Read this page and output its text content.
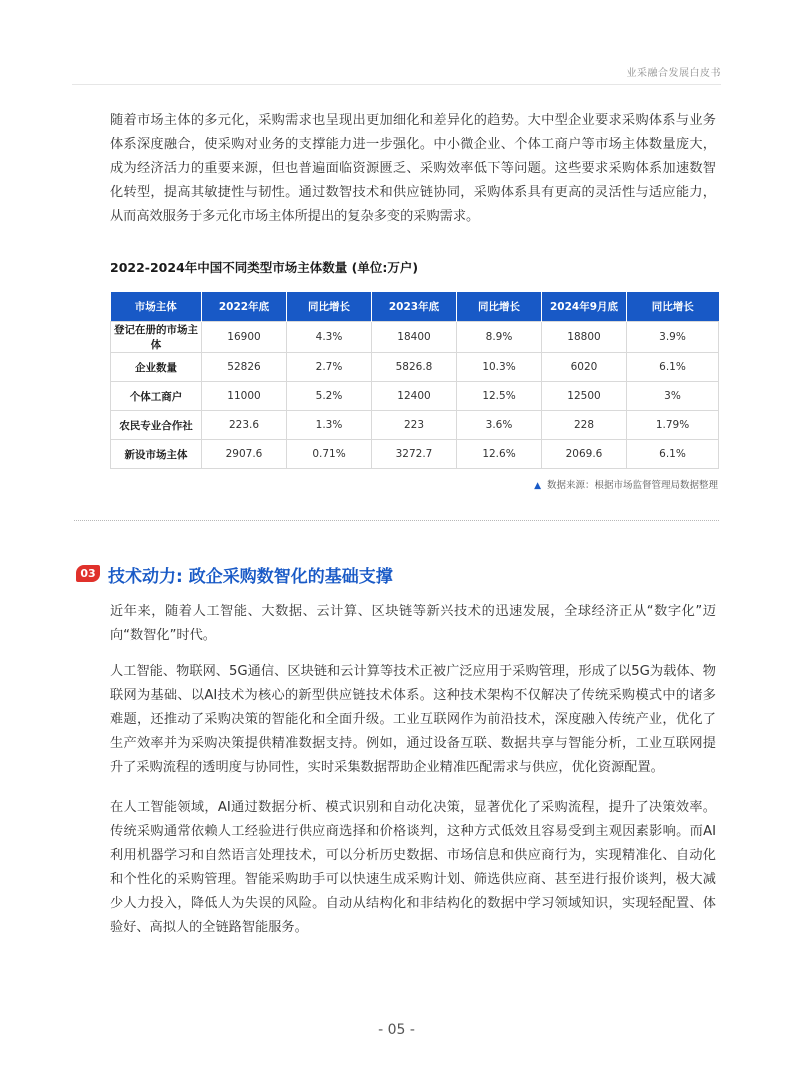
业采融合发展白皮书

随着市场主体的多元化，采购需求也呈现出更加细化和差异化的趋势。大中型企业要求采购体系与业务体系深度融合，使采购对业务的支撑能力进一步强化。中小微企业、个体工商户等市场主体数量庞大，成为经济活力的重要来源，但也普遍面临资源匮乏、采购效率低下等问题。这些要求采购体系加速数智化转型，提高其敏捷性与韧性。通过数智技术和供应链协同，采购体系具有更高的灵活性与适应能力，从而高效服务于多元化市场主体所提出的复杂多变的采购需求。

2022-2024年中国不同类型市场主体数量 (单位:万户)
市场主体	2022年底	同比增长	2023年底	同比增长	2024年9月底	同比增长
登记在册的市场主体	16900	4.3%	18400	8.9%	18800	3.9%
企业数量	52826	2.7%	5826.8	10.3%	6020	6.1%
个体工商户	11000	5.2%	12400	12.5%	12500	3%
农民专业合作社	223.6	1.3%	223	3.6%	228	1.79%
新设市场主体	2907.6	0.71%	3272.7	12.6%	2069.6	6.1%
▲ 数据来源：根据市场监督管理局数据整理
03 技术动力: 政企采购数智化的基础支撑

近年来，随着人工智能、大数据、云计算、区块链等新兴技术的迅速发展，全球经济正从“数字化”迈向“数智化”时代。

人工智能、物联网、5G通信、区块链和云计算等技术正被广泛应用于采购管理，形成了以5G为载体、物联网为基础、以AI技术为核心的新型供应链技术体系。这种技术架构不仅解决了传统采购模式中的诸多难题，还推动了采购决策的智能化和全面升级。工业互联网作为前沿技术，深度融入传统产业，优化了生产效率并为采购决策提供精准数据支持。例如，通过设备互联、数据共享与智能分析，工业互联网提升了采购流程的透明度与协同性，实时采集数据帮助企业精准匹配需求与供应，优化资源配置。

在人工智能领域，AI通过数据分析、模式识别和自动化决策，显著优化了采购流程，提升了决策效率。传统采购通常依赖人工经验进行供应商选择和价格谈判，这种方式低效且容易受到主观因素影响。而AI利用机器学习和自然语言处理技术，可以分析历史数据、市场信息和供应商行为，实现精准化、自动化和个性化的采购管理。智能采购助手可以快速生成采购计划、筛选供应商、甚至进行报价谈判，极大减少人力投入，降低人为失误的风险。自动从结构化和非结构化的数据中学习领域知识，实现轻配置、体验好、高拟人的全链路智能服务。

- 05 -
